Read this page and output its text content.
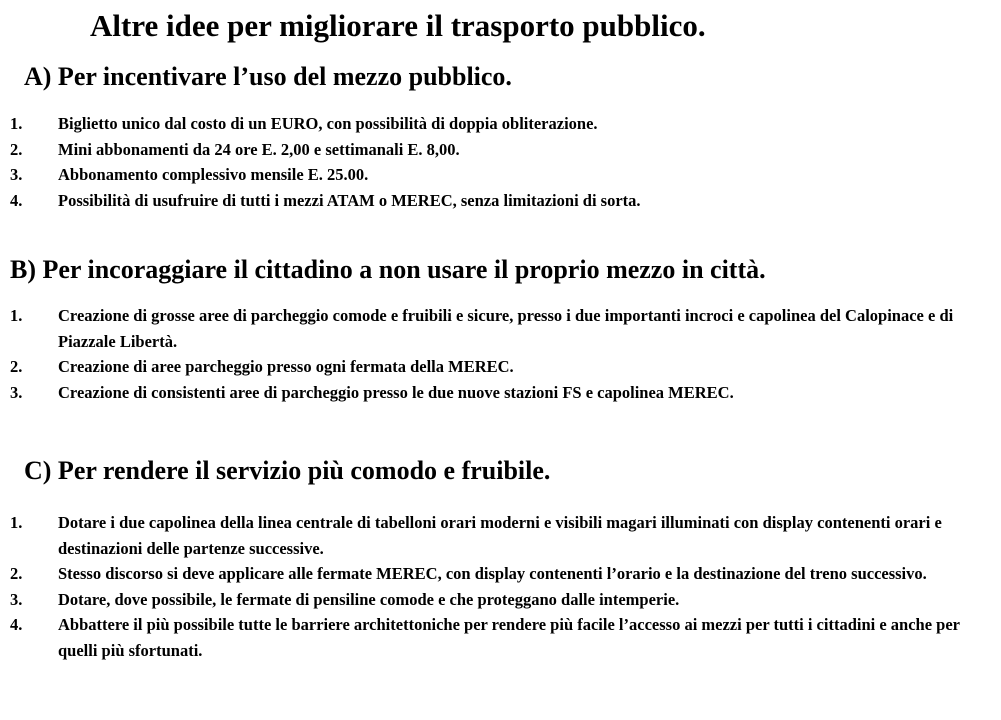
Altre idee per migliorare il trasporto pubblico.
A) Per incentivare l’uso del mezzo pubblico.
1.	Biglietto unico dal costo di un EURO, con possibilità di doppia obliterazione.
2.	Mini abbonamenti da 24 ore E. 2,00 e settimanali E. 8,00.
3.	Abbonamento complessivo mensile E. 25.00.
4.	Possibilità di usufruire di tutti i mezzi ATAM o MEREC, senza limitazioni di sorta.
B) Per incoraggiare il cittadino a non usare il proprio mezzo in città.
1.	Creazione di grosse aree di parcheggio comode e fruibili e sicure, presso i due importanti incroci e capolinea del Calopinace e di Piazzale Libertà.
2.	Creazione di aree parcheggio presso ogni fermata della MEREC.
3.	Creazione di consistenti aree di parcheggio presso le due nuove stazioni FS e capolinea MEREC.
C) Per rendere il servizio più comodo e fruibile.
1.	Dotare i due capolinea della linea centrale di tabelloni orari moderni e visibili magari illuminati con display contenenti orari e destinazioni delle partenze successive.
2.	Stesso discorso si deve applicare alle fermate MEREC, con display contenenti l’orario e la destinazione del treno successivo.
3.	Dotare, dove possibile, le fermate di pensiline comode e che proteggano dalle intemperie.
4.	Abbattere il più possibile tutte le barriere architettoniche per rendere più facile l’accesso ai mezzi per tutti i cittadini e anche per quelli più sfortunati.
